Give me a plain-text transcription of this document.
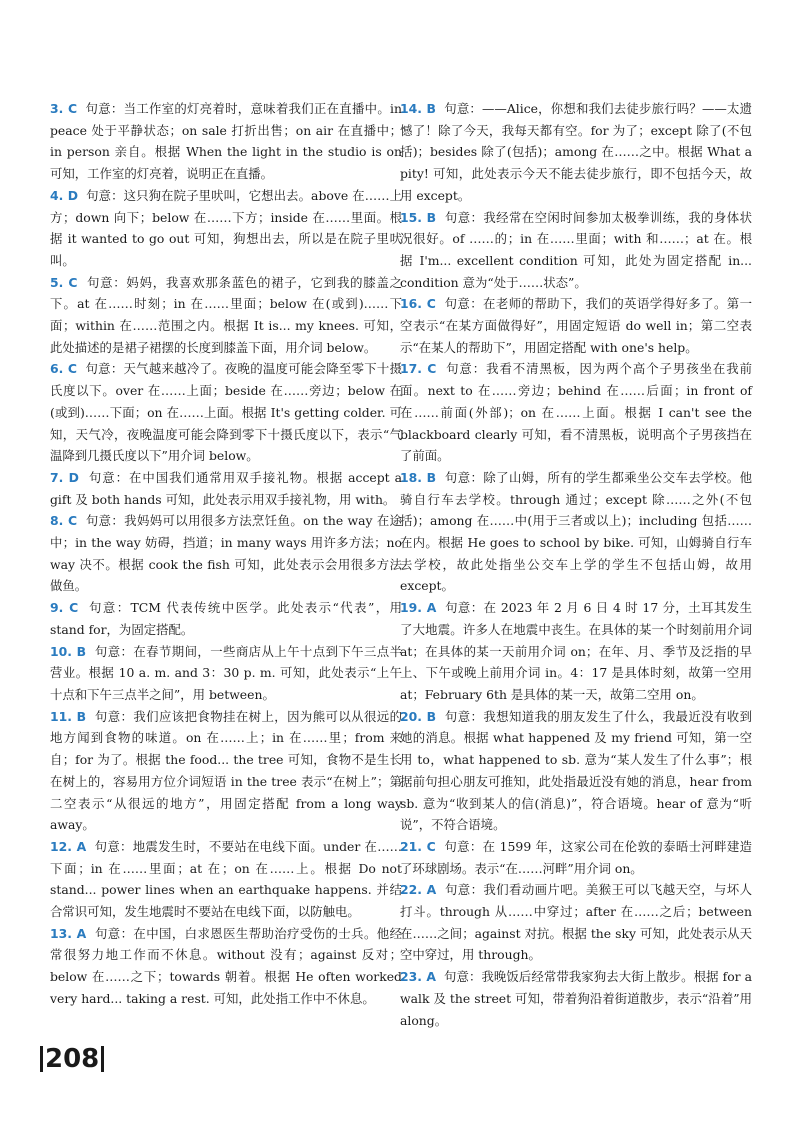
3. C 句意：当工作室的灯亮着时，意味着我们正在直播中。in peace 处于平静状态；on sale 打折出售；on air 在直播中；in person 亲自。根据 When the light in the studio is on 可知，工作室的灯亮着，说明正在直播。

4. D 句意：这只狗在院子里吠叫，它想出去。above 在……上方；down 向下；below 在……下方；inside 在……里面。根据 it wanted to go out 可知，狗想出去，所以是在院子里吠叫。

5. C 句意：妈妈，我喜欢那条蓝色的裙子，它到我的膝盖之下。at 在……时刻；in 在……里面；below 在(或到)……下面；within 在……范围之内。根据 It is... my knees. 可知，此处描述的是裙子裙摆的长度到膝盖下面，用介词 below。

6. C 句意：天气越来越冷了。夜晚的温度可能会降至零下十摄氏度以下。over 在……上面；beside 在……旁边；below 在(或到)……下面；on 在……上面。根据 It's getting colder. 可知，天气冷，夜晚温度可能会降到零下十摄氏度以下，表示“气温降到几摄氏度以下”用介词 below。

7. D 句意：在中国我们通常用双手接礼物。根据 accept a gift 及 both hands 可知，此处表示用双手接礼物，用 with。

8. C 句意：我妈妈可以用很多方法烹饪鱼。on the way 在途中；in the way 妨碍，挡道；in many ways 用许多方法；no way 决不。根据 cook the fish 可知，此处表示会用很多方法做鱼。

9. C 句意：TCM 代表传统中医学。此处表示“代表”，用 stand for，为固定搭配。

10. B 句意：在春节期间，一些商店从上午十点到下午三点半营业。根据 10 a. m. and 3：30 p. m. 可知，此处表示“上午十点和下午三点半之间”，用 between。

11. B 句意：我们应该把食物挂在树上，因为熊可以从很远的地方闻到食物的味道。on 在……上；in 在……里；from 来自；for 为了。根据 the food... the tree 可知，食物不是生长在树上的，容易用方位介词短语 in the tree 表示“在树上”；第二空表示“从很远的地方”，用固定搭配 from a long way away。

12. A 句意：地震发生时，不要站在电线下面。under 在……下面；in 在……里面；at 在；on 在……上。根据 Do not stand... power lines when an earthquake happens. 并结合常识可知，发生地震时不要站在电线下面，以防触电。

13. A 句意：在中国，白求恩医生帮助治疗受伤的士兵。他经常很努力地工作而不休息。without 没有；against 反对；below 在……之下；towards 朝着。根据 He often worked very hard... taking a rest. 可知，此处指工作中不休息。

14. B 句意：——Alice，你想和我们去徒步旅行吗？——太遗憾了！除了今天，我每天都有空。for 为了；except 除了(不包括)；besides 除了(包括)；among 在……之中。根据 What a pity! 可知，此处表示今天不能去徒步旅行，即不包括今天，故用 except。

15. B 句意：我经常在空闲时间参加太极拳训练，我的身体状况很好。of ……的；in 在……里面；with 和……；at 在。根据 I'm... excellent condition 可知，此处为固定搭配 in... condition 意为“处于……状态”。

16. C 句意：在老师的帮助下，我们的英语学得好多了。第一空表示“在某方面做得好”，用固定短语 do well in；第二空表示“在某人的帮助下”，用固定搭配 with one's help。

17. C 句意：我看不清黑板，因为两个高个子男孩坐在我前面。next to 在……旁边；behind 在……后面；in front of 在……前面(外部)；on 在……上面。根据 I can't see the blackboard clearly 可知，看不清黑板，说明高个子男孩挡在了前面。

18. B 句意：除了山姆，所有的学生都乘坐公交车去学校。他骑自行车去学校。through 通过；except 除……之外(不包括)；among 在……中(用于三者或以上)；including 包括……在内。根据 He goes to school by bike. 可知，山姆骑自行车去学校，故此处指坐公交车上学的学生不包括山姆，故用 except。

19. A 句意：在 2023 年 2 月 6 日 4 时 17 分，土耳其发生了大地震。许多人在地震中丧生。在具体的某一个时刻前用介词 at；在具体的某一天前用介词 on；在年、月、季节及泛指的早上、下午或晚上前用介词 in。4：17 是具体时刻，故第一空用 at；February 6th 是具体的某一天，故第二空用 on。

20. B 句意：我想知道我的朋友发生了什么，我最近没有收到她的消息。根据 what happened 及 my friend 可知，第一空用 to，what happened to sb. 意为“某人发生了什么事”；根据前句担心朋友可推知，此处指最近没有她的消息，hear from sb. 意为“收到某人的信(消息)”，符合语境。hear of 意为“听说”，不符合语境。

21. C 句意：在 1599 年，这家公司在伦敦的泰晤士河畔建造了环球剧场。表示“在……河畔”用介词 on。

22. A 句意：我们看动画片吧。美猴王可以飞越天空，与坏人打斗。through 从……中穿过；after 在……之后；between 在……之间；against 对抗。根据 the sky 可知，此处表示从天空中穿过，用 through。

23. A 句意：我晚饭后经常带我家狗去大街上散步。根据 for a walk 及 the street 可知，带着狗沿着街道散步，表示“沿着”用 along。

208
